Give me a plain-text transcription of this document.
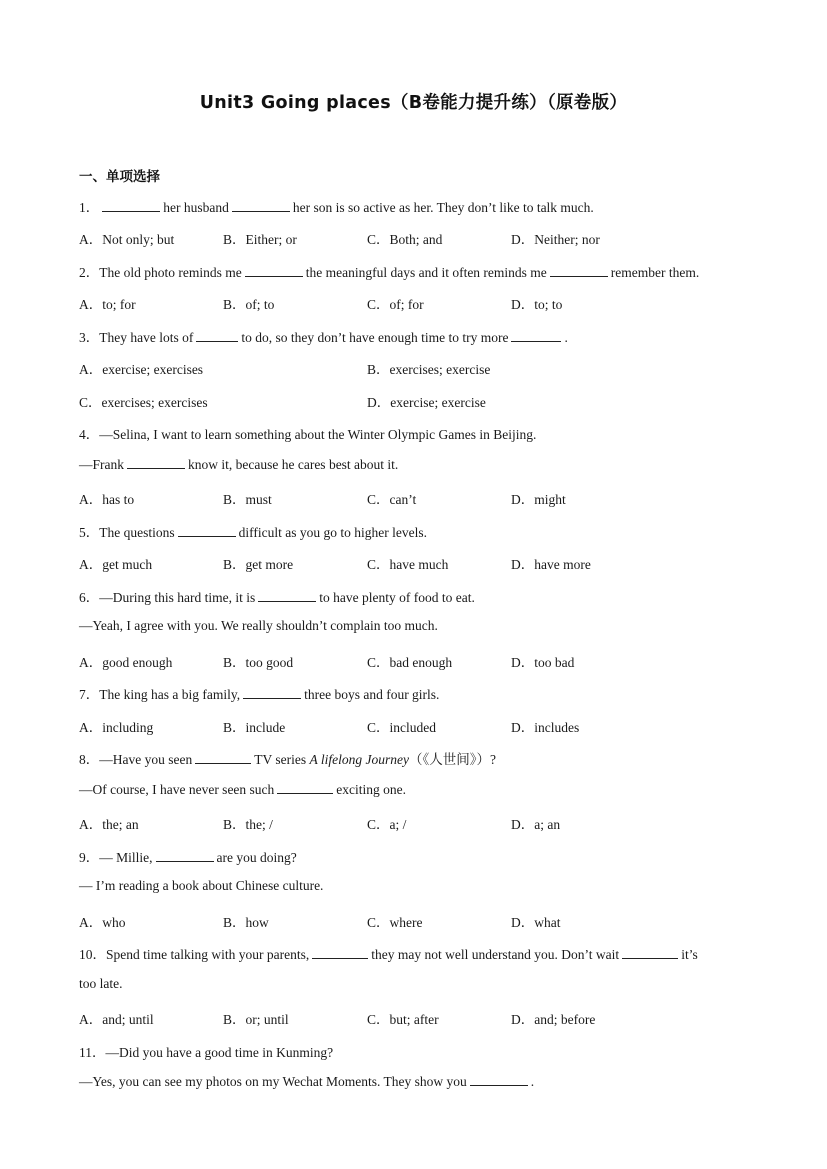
Unit3 Going places（B卷能力提升练）（原卷版）
一、单项选择
1．	her husband	her son is so active as her. They don’t like to talk much.
A．Not only; but	B．Either; or	C．Both; and	D．Neither; nor
2．The old photo reminds me	the meaningful days and it often reminds me	remember them.
A．to; for	B．of; to	C．of; for	D．to; to
3．They have lots of	to do, so they don’t have enough time to try more	.
A．exercise; exercises	B．exercises; exercise
C．exercises; exercises	D．exercise; exercise
4．—Selina, I want to learn something about the Winter Olympic Games in Beijing.
—Frank	know it, because he cares best about it.
A．has to	B．must	C．can’t	D．might
5．The questions	difficult as you go to higher levels.
A．get much	B．get more	C．have much	D．have more
6．—During this hard time, it is	to have plenty of food to eat.
—Yeah, I agree with you. We really shouldn’t complain too much.
A．good enough	B．too good	C．bad enough	D．too bad
7．The king has a big family,	three boys and four girls.
A．including	B．include	C．included	D．includes
8．—Have you seen	TV series A lifelong Journey（《人世间》）?
—Of course, I have never seen such	exciting one.
A．the; an	B．the; /	C．a; /	D．a; an
9．— Millie,	are you doing?
— I’m reading a book about Chinese culture.
A．who	B．how	C．where	D．what
10．Spend time talking with your parents,	they may not well understand you. Don’t wait	it’s
too late.
A．and; until	B．or; until	C．but; after	D．and; before
11．—Did you have a good time in Kunming?
—Yes, you can see my photos on my Wechat Moments. They show you	.
